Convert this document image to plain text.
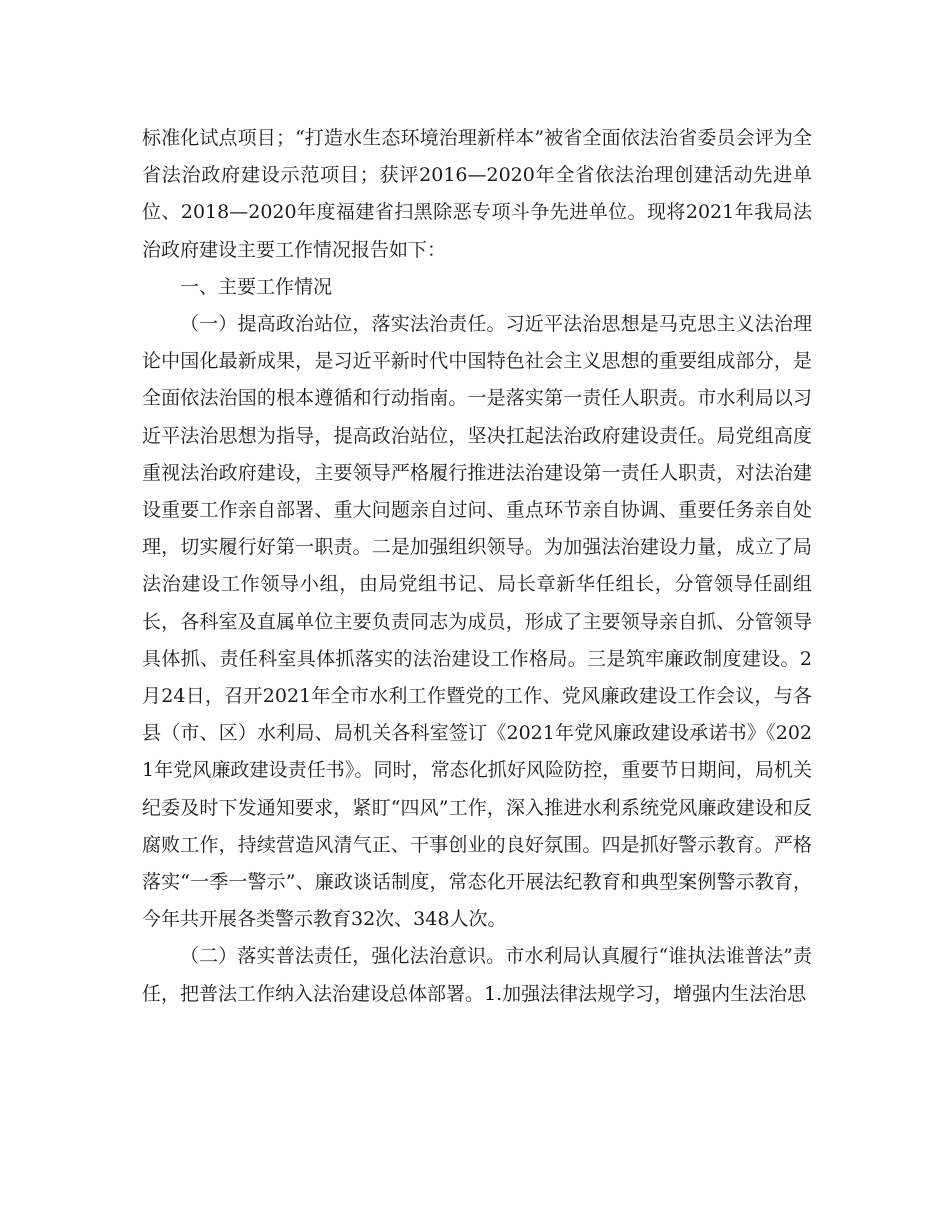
标准化试点项目；“打造水生态环境治理新样本”被省全面依法治省委员会评为全省法治政府建设示范项目；获评2016—2020年全省依法治理创建活动先进单位、2018—2020年度福建省扫黑除恶专项斗争先进单位。现将2021年我局法治政府建设主要工作情况报告如下：

一、主要工作情况

（一）提高政治站位，落实法治责任。习近平法治思想是马克思主义法治理论中国化最新成果，是习近平新时代中国特色社会主义思想的重要组成部分，是全面依法治国的根本遵循和行动指南。一是落实第一责任人职责。市水利局以习近平法治思想为指导，提高政治站位，坚决扛起法治政府建设责任。局党组高度重视法治政府建设，主要领导严格履行推进法治建设第一责任人职责，对法治建设重要工作亲自部署、重大问题亲自过问、重点环节亲自协调、重要任务亲自处理，切实履行好第一职责。二是加强组织领导。为加强法治建设力量，成立了局法治建设工作领导小组，由局党组书记、局长章新华任组长，分管领导任副组长，各科室及直属单位主要负责同志为成员，形成了主要领导亲自抓、分管领导具体抓、责任科室具体抓落实的法治建设工作格局。三是筑牢廉政制度建设。2月24日，召开2021年全市水利工作暨党的工作、党风廉政建设工作会议，与各县（市、区）水利局、局机关各科室签订《2021年党风廉政建设承诺书》《2021年党风廉政建设责任书》。同时，常态化抓好风险防控，重要节日期间，局机关纪委及时下发通知要求，紧盯“四风”工作，深入推进水利系统党风廉政建设和反腐败工作，持续营造风清气正、干事创业的良好氛围。四是抓好警示教育。严格落实“一季一警示”、廉政谈话制度，常态化开展法纪教育和典型案例警示教育，今年共开展各类警示教育32次、348人次。

（二）落实普法责任，强化法治意识。市水利局认真履行“谁执法谁普法”责任，把普法工作纳入法治建设总体部署。1.加强法律法规学习，增强内生法治思
